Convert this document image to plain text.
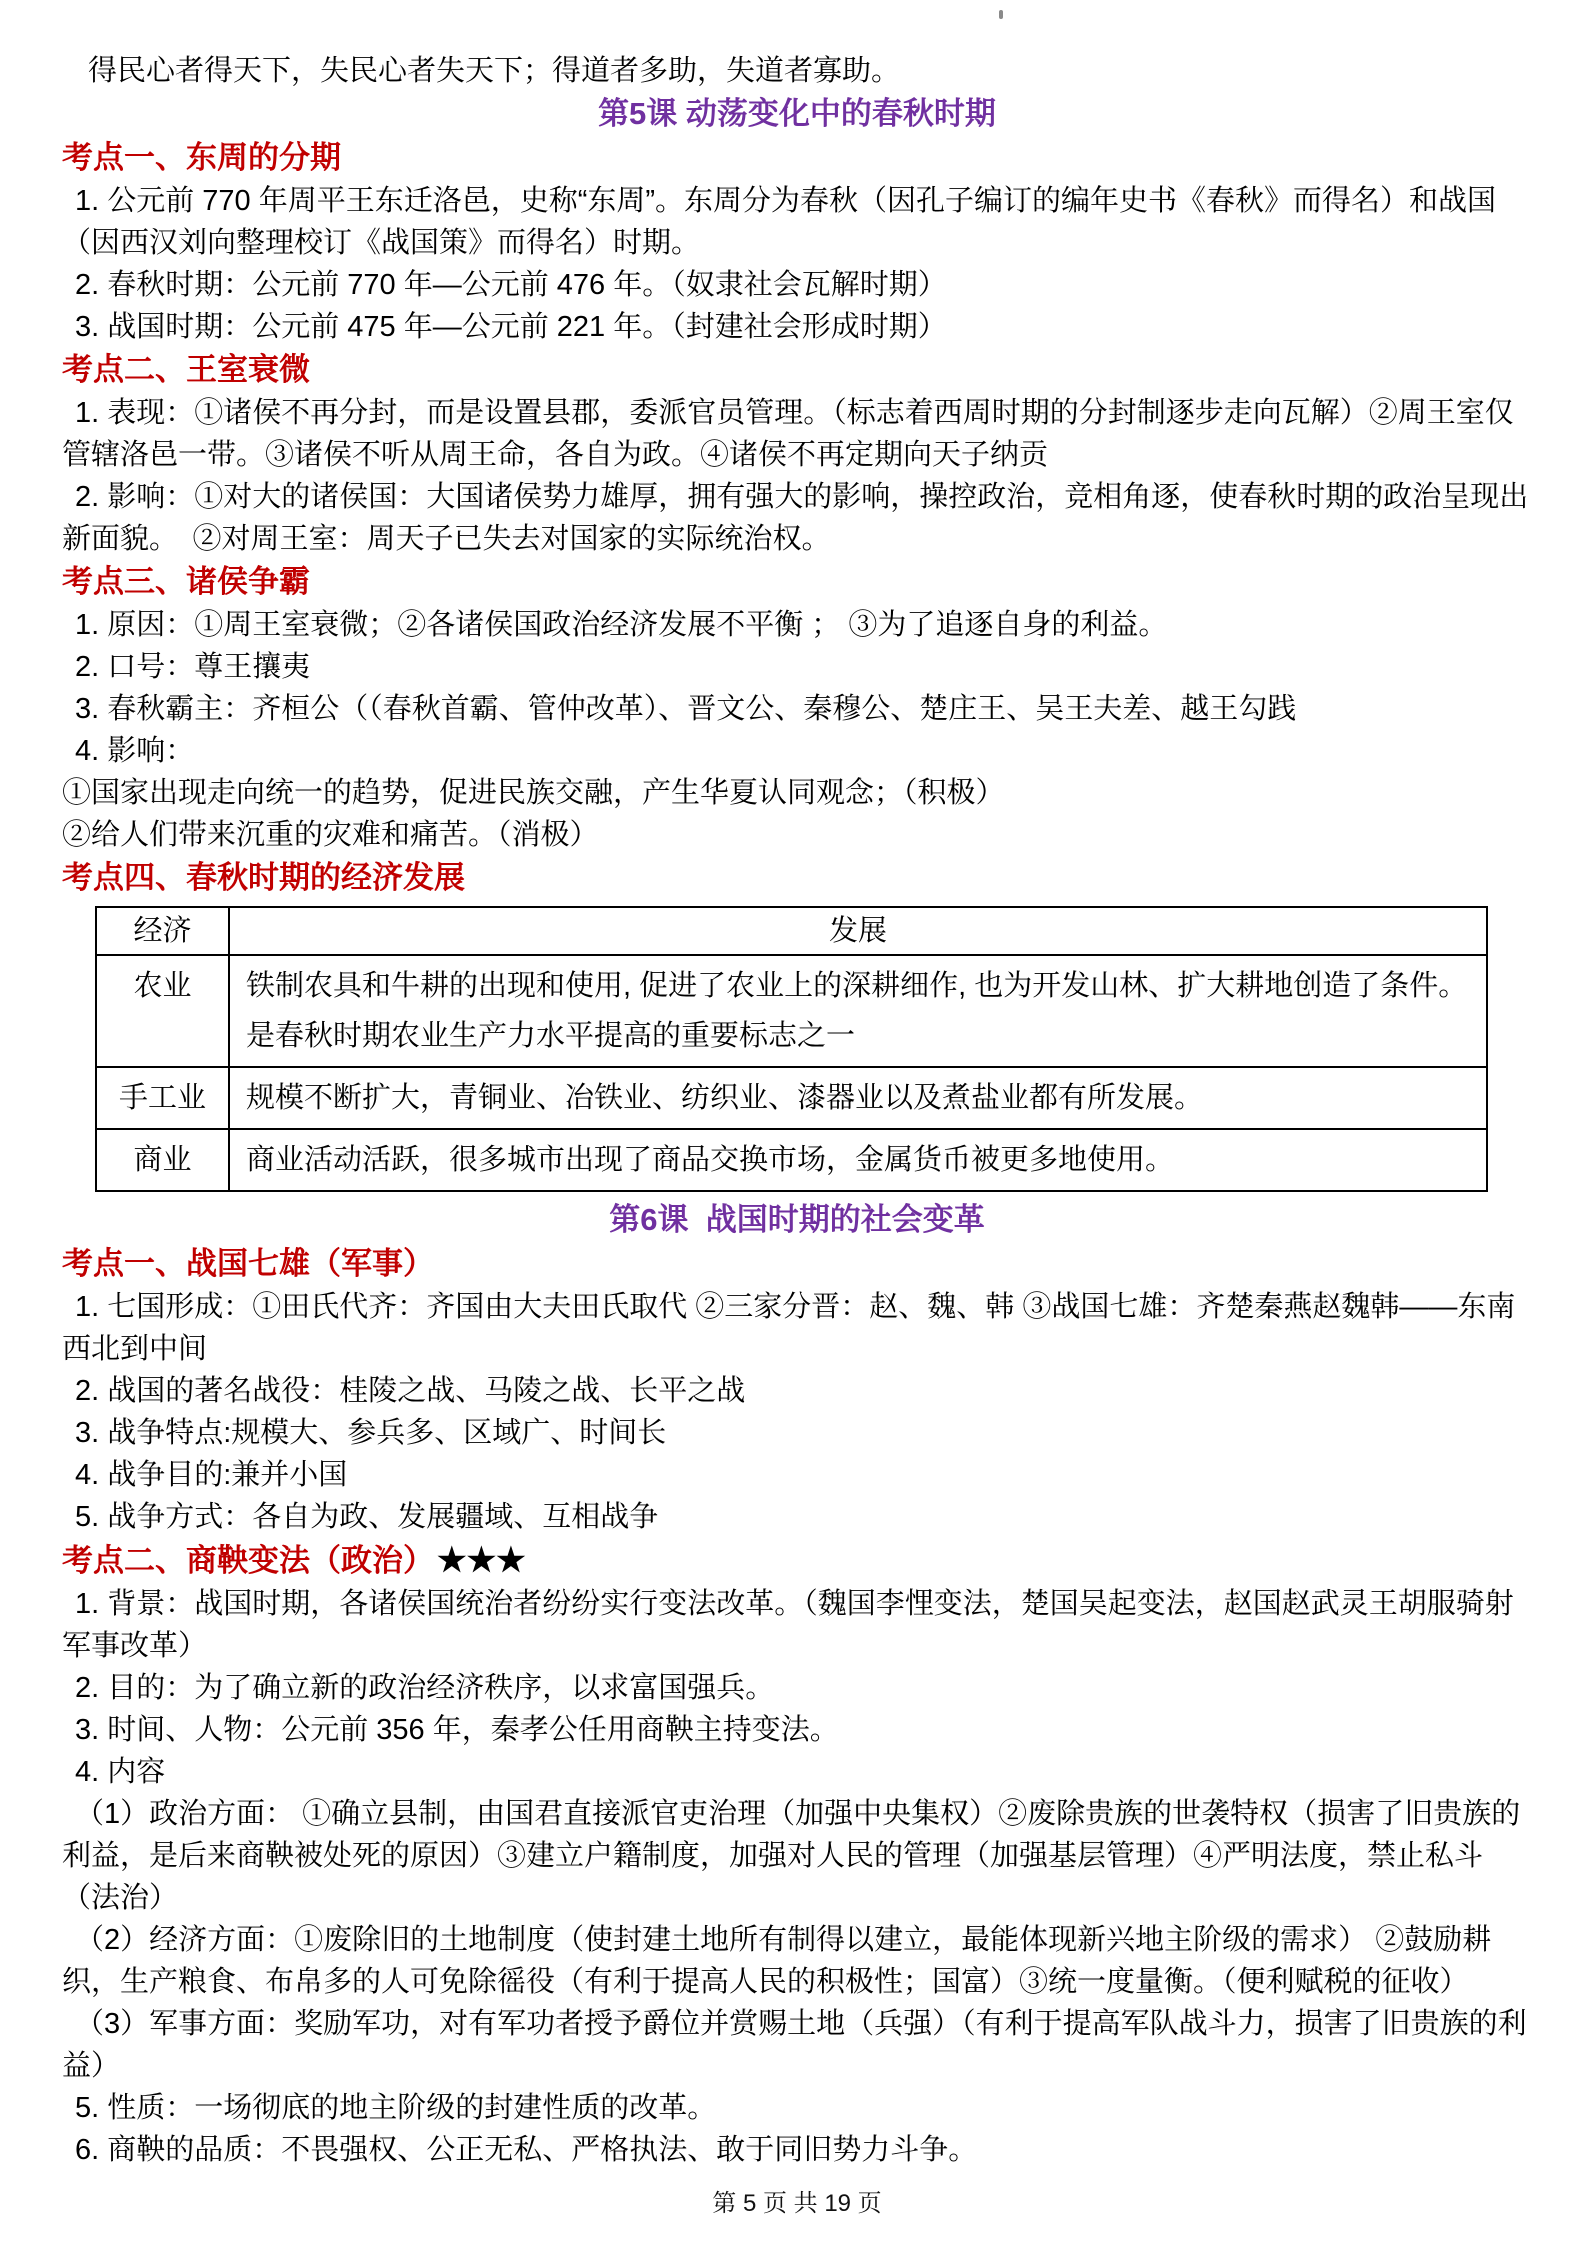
得民心者得天下，失民心者失天下；得道者多助，失道者寡助。

第5课 动荡变化中的春秋时期
考点一、东周的分期

1. 公元前 770 年周平王东迁洛邑，史称“东周”。东周分为春秋（因孔子编订的编年史书《春秋》而得名）和战国（因西汉刘向整理校订《战国策》而得名）时期。

2. 春秋时期：公元前 770 年—公元前 476 年。（奴隶社会瓦解时期）

3. 战国时期：公元前 475 年—公元前 221 年。（封建社会形成时期）

考点二、王室衰微

1. 表现：①诸侯不再分封，而是设置县郡，委派官员管理。（标志着西周时期的分封制逐步走向瓦解）②周王室仅管辖洛邑一带。③诸侯不听从周王命，各自为政。④诸侯不再定期向天子纳贡

2. 影响：①对大的诸侯国：大国诸侯势力雄厚，拥有强大的影响，操控政治，竞相角逐，使春秋时期的政治呈现出新面貌。　②对周王室：周天子已失去对国家的实际统治权。

考点三、诸侯争霸

1. 原因：①周王室衰微；②各诸侯国政治经济发展不平衡 ； ③为了追逐自身的利益。

2. 口号：尊王攘夷

3. 春秋霸主：齐桓公（（春秋首霸、管仲改革）、晋文公、秦穆公、楚庄王、吴王夫差、越王勾践

4. 影响：

①国家出现走向统一的趋势，促进民族交融，产生华夏认同观念；（积极）

②给人们带来沉重的灾难和痛苦。（消极）

考点四、春秋时期的经济发展
经济	发展
农业	铁制农具和牛耕的出现和使用, 促进了农业上的深耕细作, 也为开发山林、扩大耕地创造了条件。是春秋时期农业生产力水平提高的重要标志之一
手工业	规模不断扩大，青铜业、冶铁业、纺织业、漆器业以及煮盐业都有所发展。
商业	商业活动活跃，很多城市出现了商品交换市场，金属货币被更多地使用。
第6课  战国时期的社会变革
考点一、战国七雄（军事）

1. 七国形成：①田氏代齐：齐国由大夫田氏取代 ②三家分晋：赵、魏、韩 ③战国七雄：齐楚秦燕赵魏韩——东南西北到中间

2. 战国的著名战役：桂陵之战、马陵之战、长平之战

3. 战争特点:规模大、参兵多、区域广、时间长

4. 战争目的:兼并小国

5. 战争方式：各自为政、发展疆域、互相战争

考点二、商鞅变法（政治）★★★

1. 背景：战国时期，各诸侯国统治者纷纷实行变法改革。（魏国李悝变法，楚国吴起变法，赵国赵武灵王胡服骑射军事改革）

2. 目的：为了确立新的政治经济秩序，以求富国强兵。

3. 时间、人物：公元前 356 年，秦孝公任用商鞅主持变法。

4. 内容

（1）政治方面： ①确立县制，由国君直接派官吏治理（加强中央集权）②废除贵族的世袭特权（损害了旧贵族的利益，是后来商鞅被处死的原因）③建立户籍制度，加强对人民的管理（加强基层管理）④严明法度，禁止私斗（法治）

（2）经济方面：①废除旧的土地制度（使封建土地所有制得以建立，最能体现新兴地主阶级的需求） ②鼓励耕织，生产粮食、布帛多的人可免除徭役（有利于提高人民的积极性；国富）③统一度量衡。（便利赋税的征收）

（3）军事方面：奖励军功，对有军功者授予爵位并赏赐土地（兵强）（有利于提高军队战斗力，损害了旧贵族的利益）

5. 性质：一场彻底的地主阶级的封建性质的改革。

6. 商鞅的品质：不畏强权、公正无私、严格执法、敢于同旧势力斗争。

第 5 页 共 19 页
